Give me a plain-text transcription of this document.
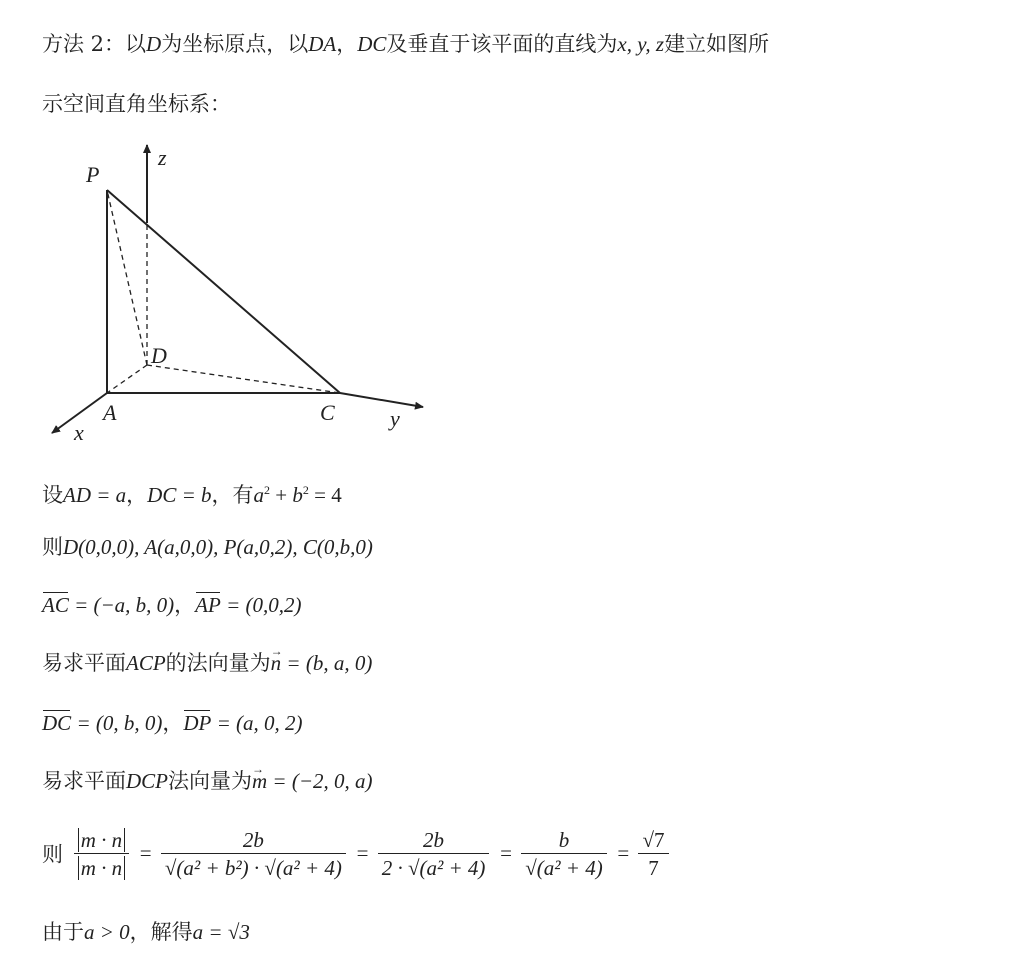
方法 2：以D为坐标原点，以DA，DC及垂直于该平面的直线为x, y, z建立如图所
示空间直角坐标系：
P
z
D
A	C
x
y
设AD = a，DC = b，有$a^2 + b^2 = 4$
则D(0,0,0), A(a,0,0), P(a,0,2), C(0,b,0)
AC = (−a, b, 0)，AP = (0,0,2)
易求平面ACP的法向量为→ n = (b, a, 0)
DC = (0, b, 0)，DP = (a, 0, 2)
易求平面DCP法向量为→ m = (−2, 0, a)
则 $\frac{m \cdot n}{m \cdot n} = \frac{2b}{\text{√(a² + b²) · √(a² + 4)}} = \frac{2b}{\text{2 · √(a² + 4)}} = \frac{b}{\text{√(a² + 4)}} = \frac{√7}{7}$
由于a > 0，解得a = √3
